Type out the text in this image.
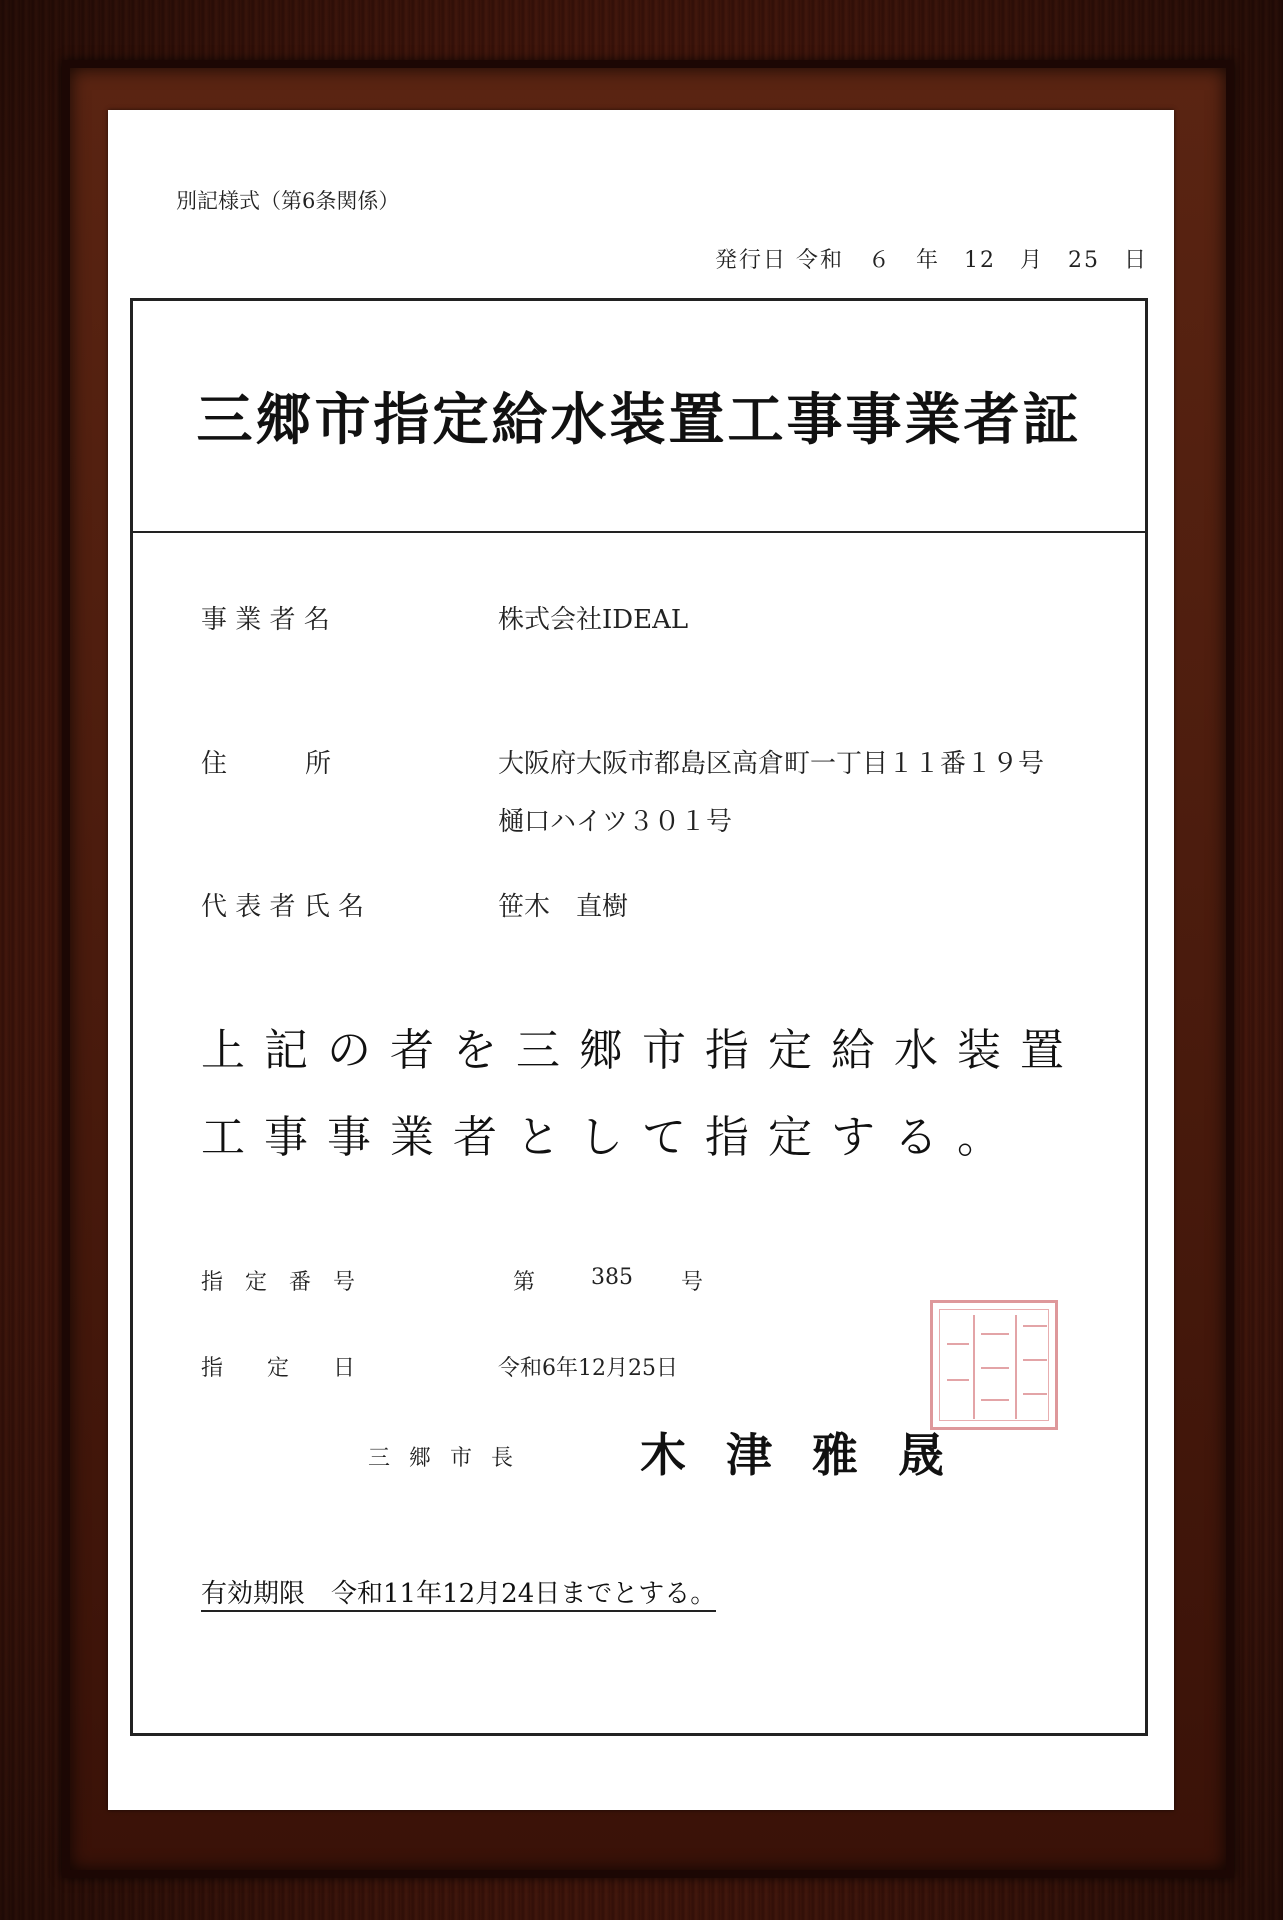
別記様式（第6条関係）
発行日 令和　６　年　12　月　25　日
三郷市指定給水装置工事事業者証
事 業 者 名	株式会社IDEAL
住　　　所	大阪府大阪市都島区高倉町一丁目１１番１９号
樋口ハイツ３０１号
代 表 者 氏 名	笹木　直樹
上記の者を三郷市指定給水装置
工事事業者として指定する。
指　定　番　号	第	385 号
指　　定　　日	令和6年12月25日
三 郷 市 長	木津雅晟
有効期限　令和11年12月24日までとする。
